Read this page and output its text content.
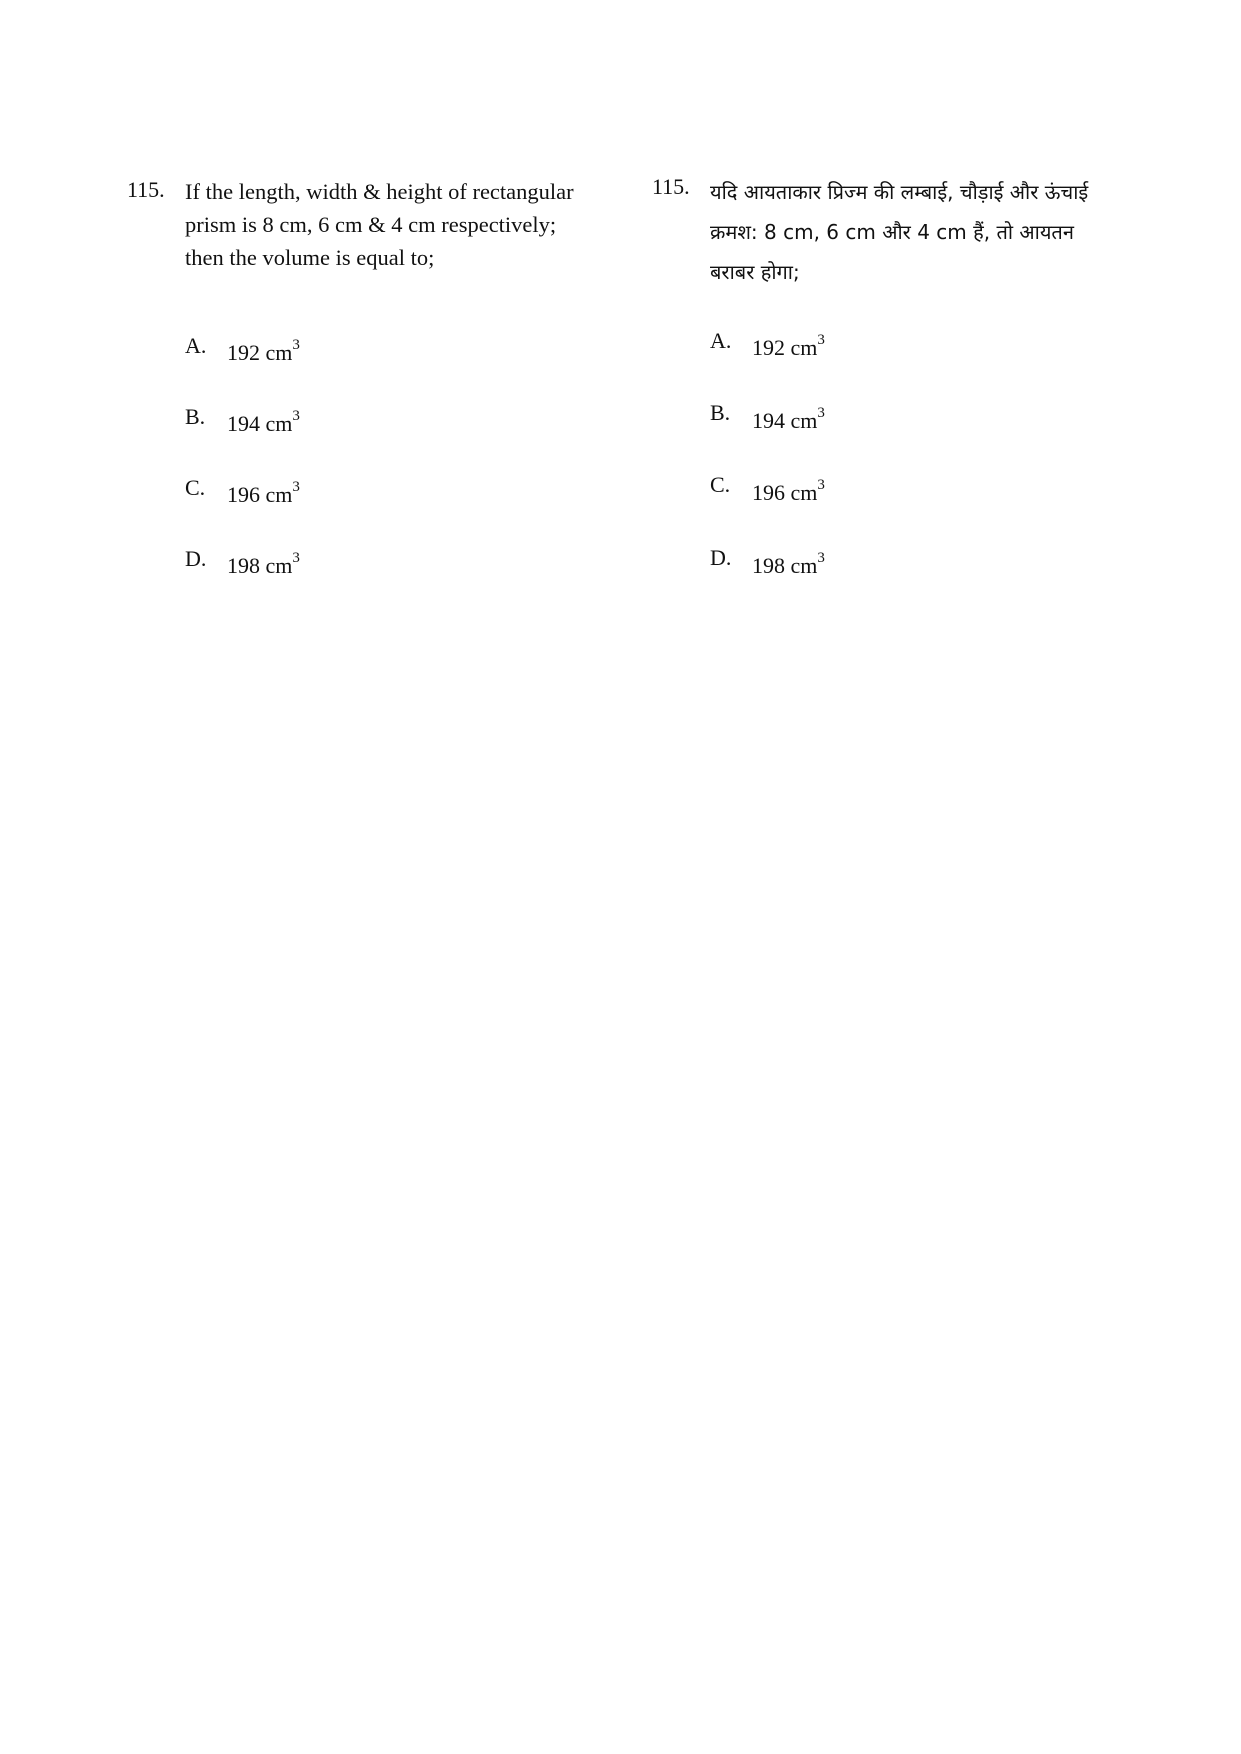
115. If the length, width & height of rectangular prism is 8 cm, 6 cm & 4 cm respectively; then the volume is equal to;
A. 192 $cm^3$
B. 194 $cm^3$
C. 196 $cm^3$
D. 198 $cm^3$
115. यदि आयताकार प्रिज्म की लम्बाई, चौड़ाई और ऊंचाई क्रमश: 8 cm, 6 cm और 4 cm हैं, तो आयतन बराबर होगा;
A. 192 $cm^3$
B. 194 $cm^3$
C. 196 $cm^3$
D. 198 $cm^3$
